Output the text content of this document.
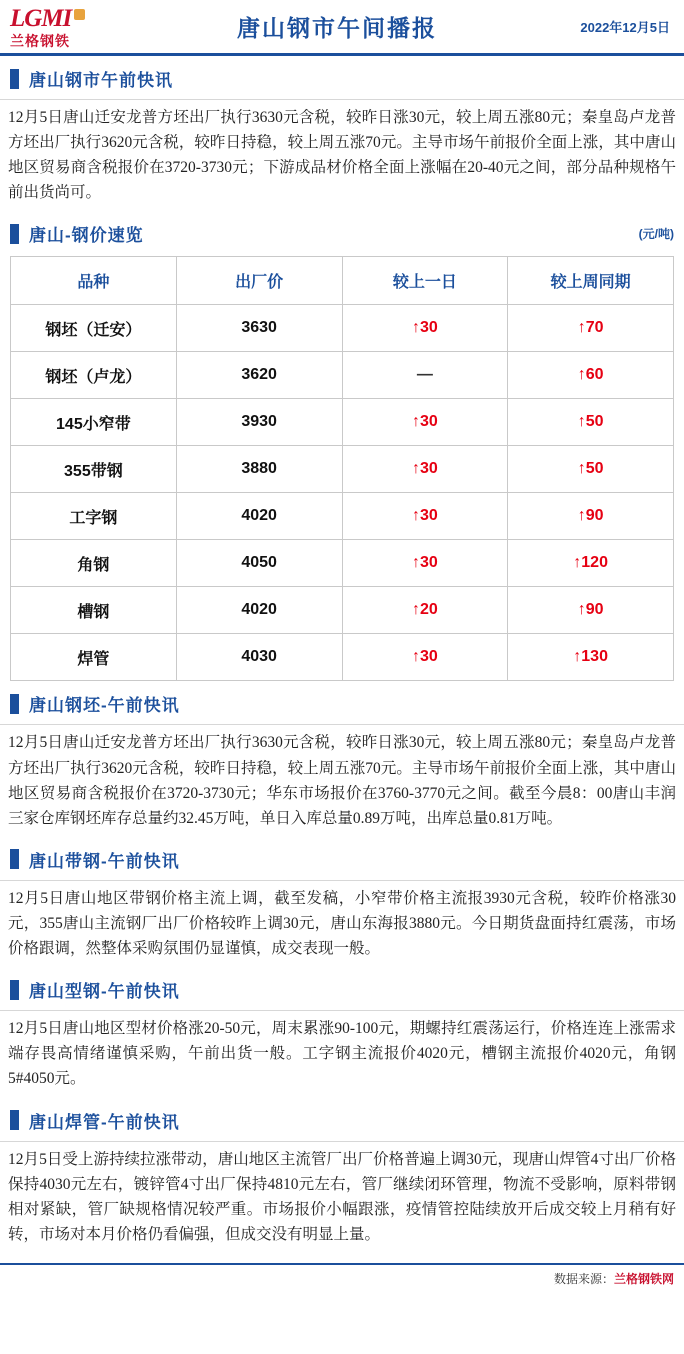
LGMI
兰格钢铁	唐山钢市午间播报	2022年12月5日
唐山钢市午前快讯
12月5日唐山迁安龙普方坯出厂执行3630元含税，较昨日涨30元，较上周五涨80元；秦皇岛卢龙普方坯出厂执行3620元含税，较昨日持稳，较上周五涨70元。主导市场午前报价全面上涨，其中唐山地区贸易商含税报价在3720-3730元；下游成品材价格全面上涨幅在20-40元之间，部分品种规格午前出货尚可。
唐山-钢价速览	(元/吨)
品种	出厂价	较上一日	较上周同期
钢坯（迁安）	3630	↑30	↑70
钢坯（卢龙）	3620	—	↑60
145小窄带	3930	↑30	↑50
355带钢	3880	↑30	↑50
工字钢	4020	↑30	↑90
角钢	4050	↑30	↑120
槽钢	4020	↑20	↑90
焊管	4030	↑30	↑130
唐山钢坯-午前快讯
12月5日唐山迁安龙普方坯出厂执行3630元含税，较昨日涨30元，较上周五涨80元；秦皇岛卢龙普方坯出厂执行3620元含税，较昨日持稳，较上周五涨70元。主导市场午前报价全面上涨，其中唐山地区贸易商含税报价在3720-3730元；华东市场报价在3760-3770元之间。截至今晨8：00唐山丰润三家仓库钢坯库存总量约32.45万吨，单日入库总量0.89万吨，出库总量0.81万吨。
唐山带钢-午前快讯
12月5日唐山地区带钢价格主流上调，截至发稿，小窄带价格主流报3930元含税，较昨价格涨30元，355唐山主流钢厂出厂价格较昨上调30元，唐山东海报3880元。今日期货盘面持红震荡，市场价格跟调，然整体采购氛围仍显谨慎，成交表现一般。
唐山型钢-午前快讯
12月5日唐山地区型材价格涨20-50元，周末累涨90-100元，期螺持红震荡运行，价格连连上涨需求端存畏高情绪谨慎采购，午前出货一般。工字钢主流报价4020元，槽钢主流报价4020元，角钢5#4050元。
唐山焊管-午前快讯
12月5日受上游持续拉涨带动，唐山地区主流管厂出厂价格普遍上调30元，现唐山焊管4寸出厂价格保持4030元左右，镀锌管4寸出厂保持4810元左右，管厂继续闭环管理，物流不受影响，原料带钢相对紧缺，管厂缺规格情况较严重。市场报价小幅跟涨，疫情管控陆续放开后成交较上月稍有好转，市场对本月价格仍看偏强，但成交没有明显上量。
数据来源： 兰格钢铁网
